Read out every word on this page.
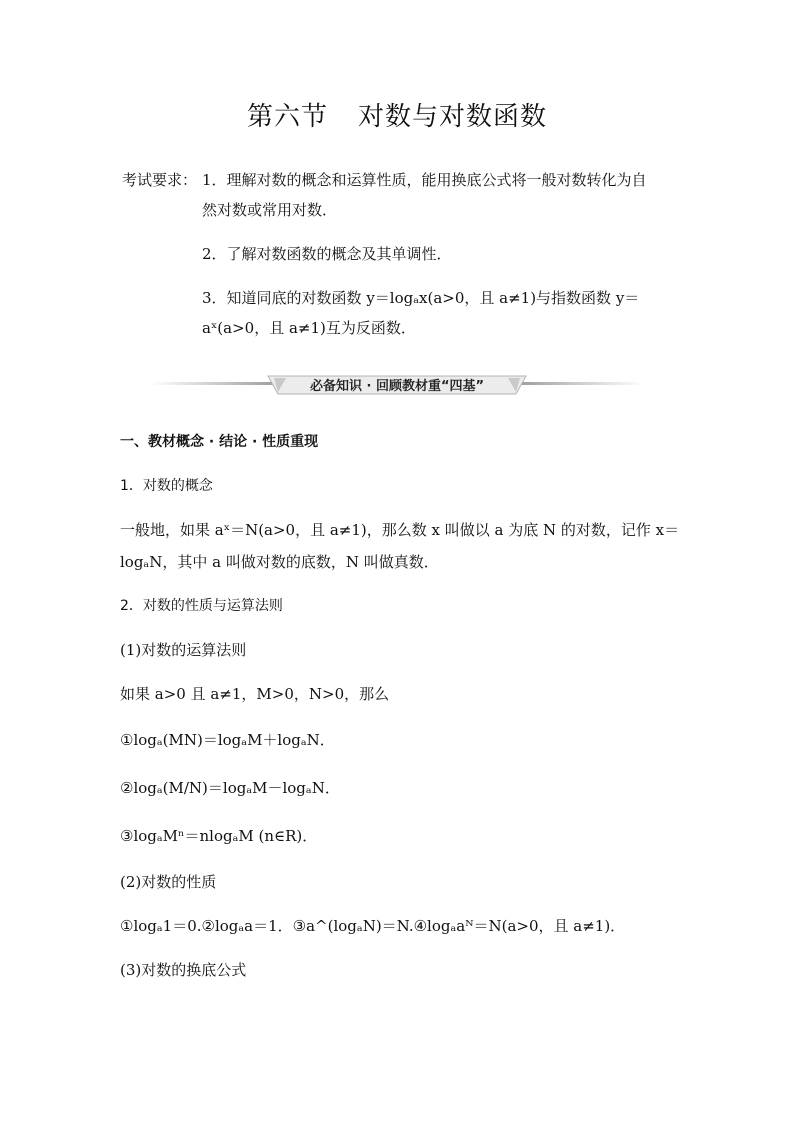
第六节 对数与对数函数
考试要求： 1．理解对数的概念和运算性质，能用换底公式将一般对数转化为自
然对数或常用对数．
2．了解对数函数的概念及其单调性．
3．知道同底的对数函数 y＝logₐx(a>0，且 a≠1)与指数函数 y＝
aˣ(a>0，且 a≠1)互为反函数．
必备知识 · 回顾教材重“四基”
一、教材概念 · 结论 · 性质重现
1．对数的概念
一般地，如果 aˣ＝N(a>0，且 a≠1)，那么数 x 叫做以 a 为底 N 的对数，记作 x＝
logₐN，其中 a 叫做对数的底数，N 叫做真数．
2．对数的性质与运算法则
(1)对数的运算法则
如果 a>0 且 a≠1，M>0，N>0，那么
①logₐ(MN)＝logₐM＋logₐN．
②logₐ(M/N)＝logₐM－logₐN．
③logₐMⁿ＝nlogₐM (n∈R)．
(2)对数的性质
①logₐ1＝0.②logₐa＝1．③a^(logₐN)＝N.④logₐaᴺ＝N(a>0，且 a≠1)．
(3)对数的换底公式
